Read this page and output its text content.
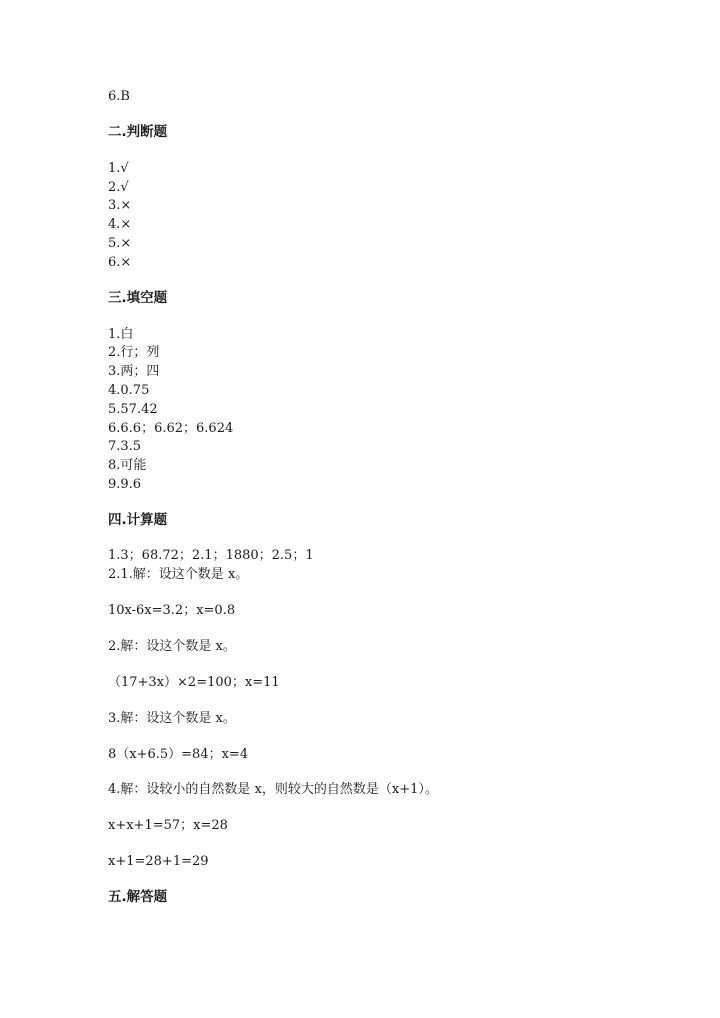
6.B
二.判断题
1.√
2.√
3.×
4.×
5.×
6.×
三.填空题
1.白
2.行；列
3.两；四
4.0.75
5.57.42
6.6.6；6.62；6.624
7.3.5
8.可能
9.9.6
四.计算题
1.3；68.72；2.1；1880；2.5；1
2.1.解：设这个数是 x。
10x-6x=3.2；x=0.8
2.解：设这个数是 x。
（17+3x）×2=100；x=11
3.解：设这个数是 x。
8（x+6.5）=84；x=4
4.解：设较小的自然数是 x，则较大的自然数是（x+1）。
x+x+1=57；x=28
x+1=28+1=29
五.解答题
